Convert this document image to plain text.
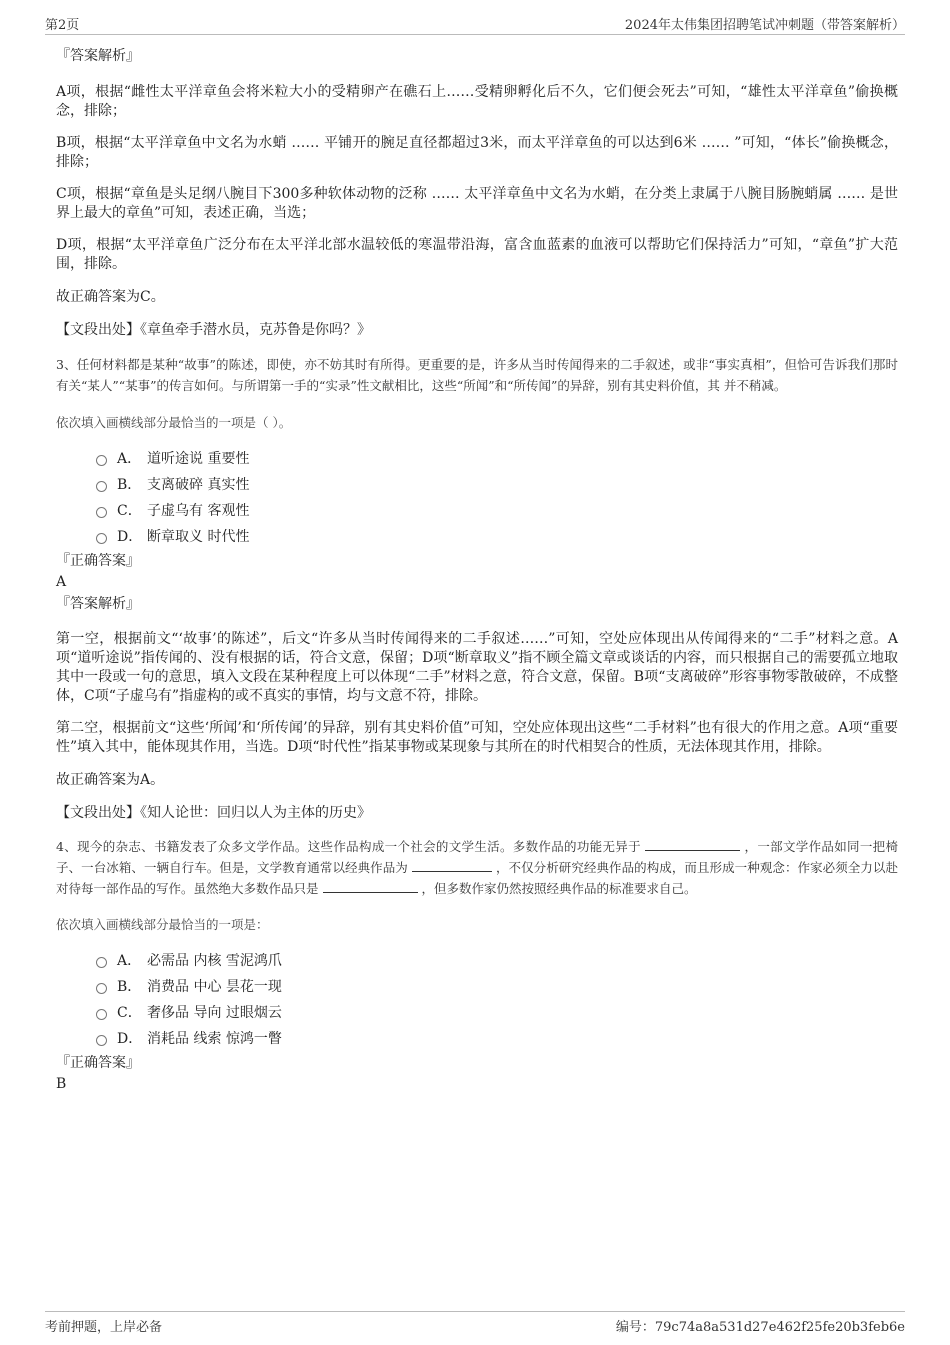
第2页	2024年太伟集团招聘笔试冲刺题（带答案解析）

『答案解析』

A项，根据“雌性太平洋章鱼会将米粒大小的受精卵产在礁石上……受精卵孵化后不久，它们便会死去”可知，“雄性太平洋章鱼”偷换概念，排除；

B项，根据“太平洋章鱼中文名为水蛸 …… 平铺开的腕足直径都超过3米，而太平洋章鱼的可以达到6米 …… ”可知，“体长”偷换概念，排除；

C项，根据“章鱼是头足纲八腕目下300多种软体动物的泛称 …… 太平洋章鱼中文名为水蛸，在分类上隶属于八腕目肠腕蛸属 …… 是世界上最大的章鱼”可知，表述正确，当选；

D项，根据“太平洋章鱼广泛分布在太平洋北部水温较低的寒温带沿海，富含血蓝素的血液可以帮助它们保持活力”可知，“章鱼”扩大范围，排除。

故正确答案为C。

【文段出处】《章鱼牵手潜水员，克苏鲁是你吗？》

3、任何材料都是某种“故事”的陈述，即使，亦不妨其时有所得。更重要的是，许多从当时传闻得来的二手叙述，或非“事实真相”，但恰可告诉我们那时有关“某人”“某事”的传言如何。与所谓第一手的“实录”性文献相比，这些“所闻”和“所传闻”的异辞，别有其史料价值，其 并不稍减。

依次填入画横线部分最恰当的一项是（ ）。

A． 道听途说 重要性
B． 支离破碎 真实性
C． 子虚乌有 客观性
D． 断章取义 时代性

『正确答案』

A

『答案解析』

第一空，根据前文“‘故事’的陈述”，后文“许多从当时传闻得来的二手叙述……”可知，空处应体现出从传闻得来的“二手”材料之意。A项“道听途说”指传闻的、没有根据的话，符合文意，保留；D项“断章取义”指不顾全篇文章或谈话的内容，而只根据自己的需要孤立地取其中一段或一句的意思，填入文段在某种程度上可以体现“二手”材料之意，符合文意，保留。B项“支离破碎”形容事物零散破碎，不成整体，C项“子虚乌有”指虚构的或不真实的事情，均与文意不符，排除。

第二空，根据前文“这些‘所闻’和‘所传闻’的异辞，别有其史料价值”可知，空处应体现出这些“二手材料”也有很大的作用之意。A项“重要性”填入其中，能体现其作用，当选。D项“时代性”指某事物或某现象与其所在的时代相契合的性质，无法体现其作用，排除。

故正确答案为A。

【文段出处】《知人论世：回归以人为主体的历史》

4、现今的杂志、书籍发表了众多文学作品。这些作品构成一个社会的文学生活。多数作品的功能无异于	，一部文学作品如同一把椅子、一台冰箱、一辆自行车。但是，文学教育通常以经典作品为	，不仅分析研究经典作品的构成，而且形成一种观念：作家必须全力以赴对待每一部作品的写作。虽然绝大多数作品只是	，但多数作家仍然按照经典作品的标准要求自己。

依次填入画横线部分最恰当的一项是：

A． 必需品 内核 雪泥鸿爪
B． 消费品 中心 昙花一现
C． 奢侈品 导向 过眼烟云
D． 消耗品 线索 惊鸿一瞥

『正确答案』

B

考前押题，上岸必备	编号：79c74a8a531d27e462f25fe20b3feb6e
